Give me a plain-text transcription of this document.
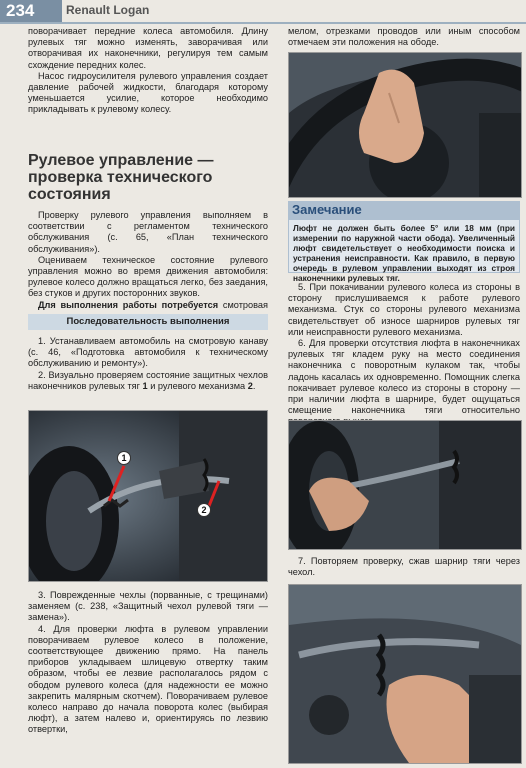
234	Renault Logan

поворачивает передние колеса автомобиля. Длину рулевых тяг можно изменять, заворачивая или отворачивая их наконечники, регулируя тем самым схождение передних колес.

Насос гидроусилителя рулевого управления создает давление рабочей жидкости, благодаря которому уменьшается усилие, которое необходимо прикладывать к рулевому колесу.

Рулевое управление — проверка технического состояния

Проверку рулевого управления выполняем в соответствии с регламентом технического обслуживания (с. 65, «План технического обслуживания»).

Оцениваем техническое состояние рулевого управления можно во время движения автомобиля: рулевое колесо должно вращаться легко, без заедания, без стуков и других посторонних звуков.

Для выполнения работы потребуется смотровая

Последовательность выполнения

1. Устанавливаем автомобиль на смотровую канаву (с. 46, «Подготовка автомобиля к техническому обслуживанию и ремонту»).

2. Визуально проверяем состояние защитных чехлов наконечников рулевых тяг 1 и рулевого механизма 2.

1
2

3. Поврежденные чехлы (порванные, с трещинами) заменяем (с. 238, «Защитный чехол рулевой тяги — замена»).

4. Для проверки люфта в рулевом управлении поворачиваем рулевое колесо в положение, соответствующее движению прямо. На панель приборов укладываем шлицевую отвертку таким образом, чтобы ее лезвие располагалось рядом с ободом рулевого колеса (для надежности ее можно закрепить малярным скотчем). Поворачиваем рулевое колесо направо до начала поворота колес (выбирая люфт), а затем налево и, ориентируясь по лезвию отвертки,

мелом, отрезками проводов или иным способом отмечаем эти положения на ободе.

Замечание

Люфт не должен быть более 5° или 18 мм (при измерении по наружной части обода). Увеличенный люфт свидетельствует о необходимости поиска и устранения неисправности. Как правило, в первую очередь в рулевом управлении выходят из строя наконечники рулевых тяг.

5. При покачивании рулевого колеса из стороны в сторону прислушиваемся к работе рулевого механизма. Стук со стороны рулевого механизма свидетельствует об износе шарниров рулевых тяг или неисправности рулевого механизма.

6. Для проверки отсутствия люфта в наконечниках рулевых тяг кладем руку на место соединения наконечника с поворотным кулаком так, чтобы ладонь касалась их одновременно. Помощник слегка покачивает рулевое колесо из стороны в сторону — при наличии люфта в шарнире, будет ощущаться смещение наконечника тяги относительно

7. Повторяем проверку, сжав шарнир тяги через чехол.
